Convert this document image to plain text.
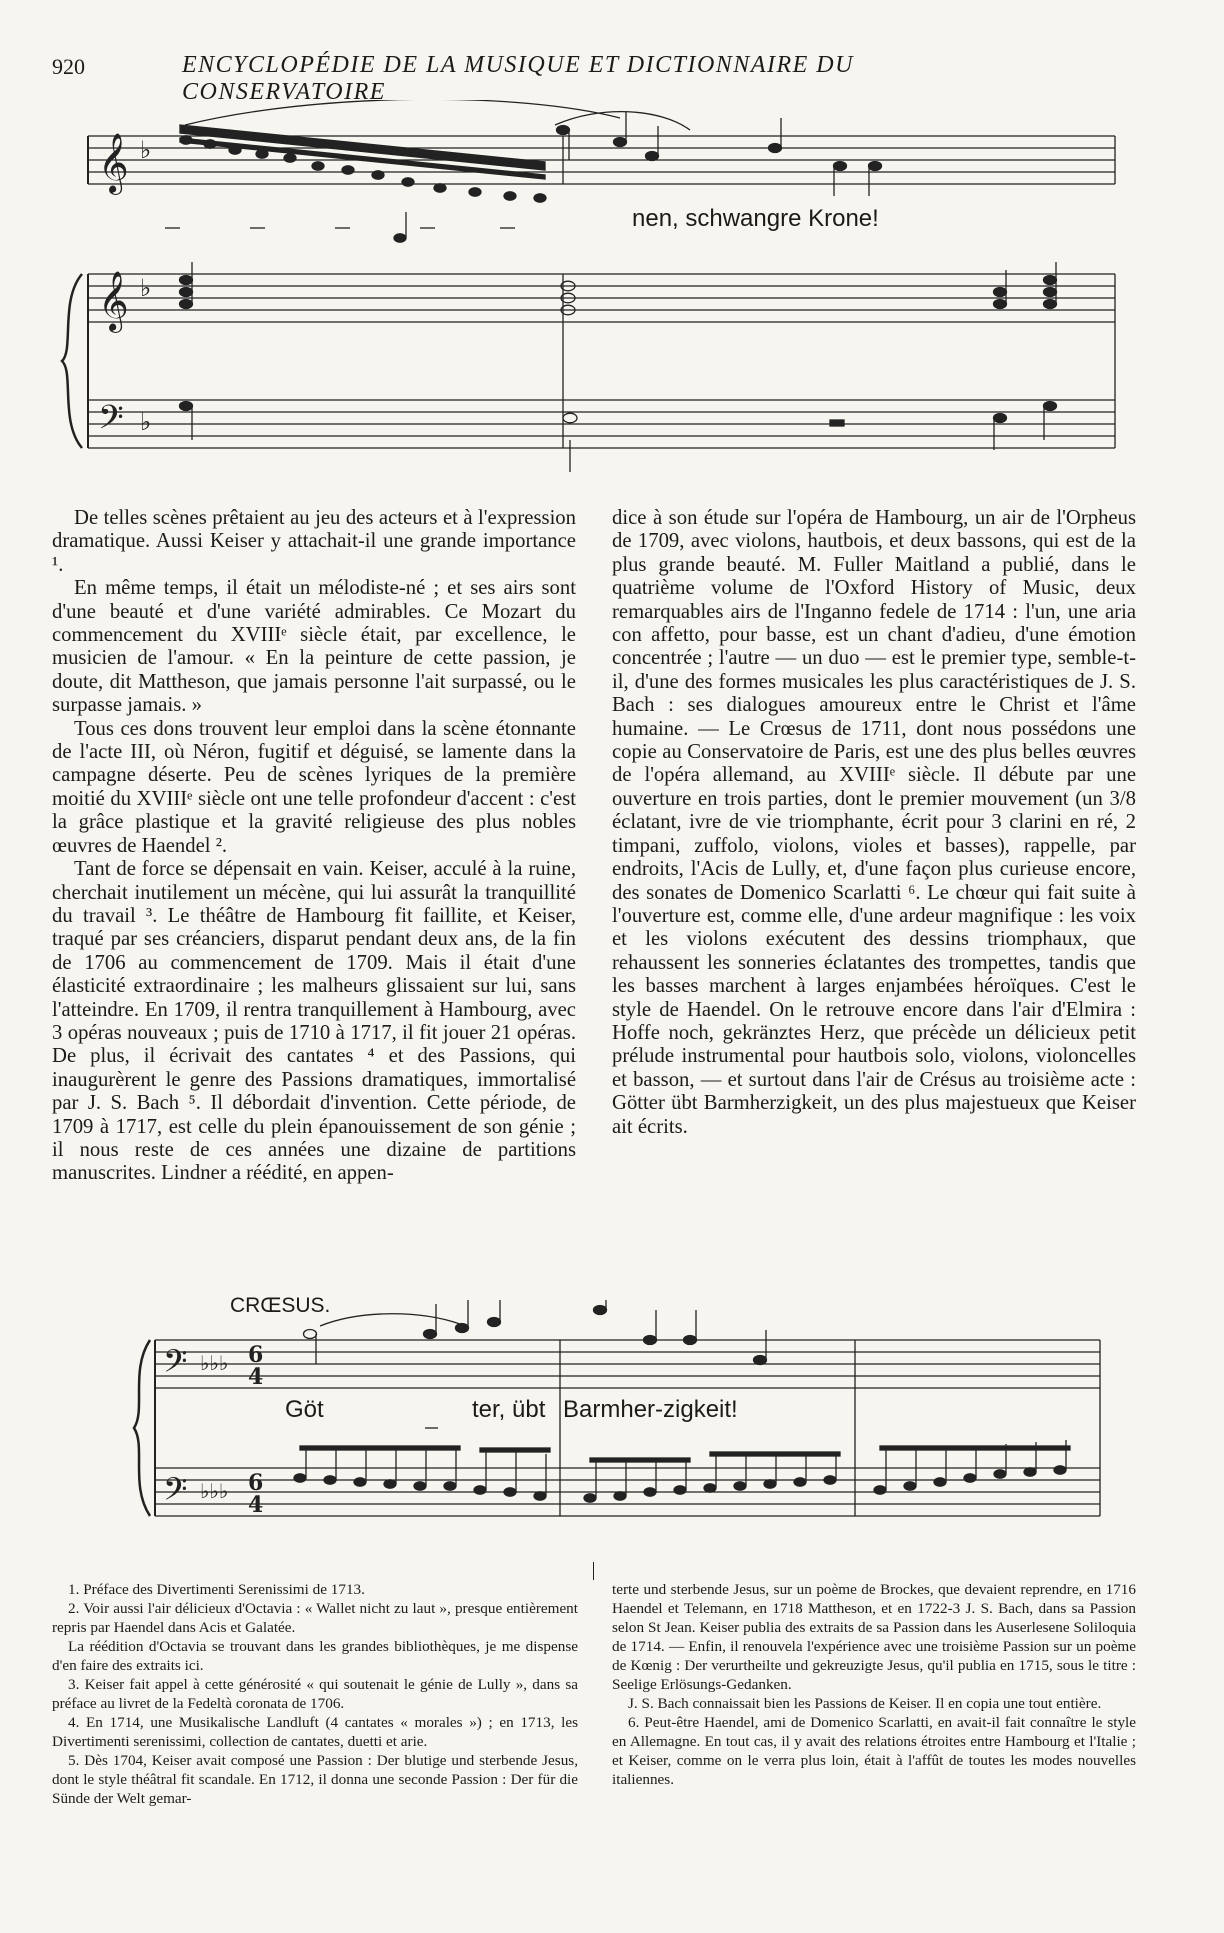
920	ENCYCLOPÉDIE DE LA MUSIQUE ET DICTIONNAIRE DU CONSERVATOIRE
𝄞
𝄞
𝄢
♭
♭
♭
nen, schwangre Krone!

De telles scènes prêtaient au jeu des acteurs et à l'expression dramatique. Aussi Keiser y attachait-il une grande importance ¹.

En même temps, il était un mélodiste-né ; et ses airs sont d'une beauté et d'une variété admirables. Ce Mozart du commencement du XVIIIᵉ siècle était, par excellence, le musicien de l'amour. « En la peinture de cette passion, je doute, dit Mattheson, que jamais personne l'ait surpassé, ou le surpasse jamais. »

Tous ces dons trouvent leur emploi dans la scène étonnante de l'acte III, où Néron, fugitif et déguisé, se lamente dans la campagne déserte. Peu de scènes lyriques de la première moitié du XVIIIᵉ siècle ont une telle profondeur d'accent : c'est la grâce plastique et la gravité religieuse des plus nobles œuvres de Haendel ².

Tant de force se dépensait en vain. Keiser, acculé à la ruine, cherchait inutilement un mécène, qui lui assurât la tranquillité du travail ³. Le théâtre de Hambourg fit faillite, et Keiser, traqué par ses créanciers, disparut pendant deux ans, de la fin de 1706 au commencement de 1709. Mais il était d'une élasticité extraordinaire ; les malheurs glissaient sur lui, sans l'atteindre. En 1709, il rentra tranquillement à Hambourg, avec 3 opéras nouveaux ; puis de 1710 à 1717, il fit jouer 21 opéras. De plus, il écrivait des cantates ⁴ et des Passions, qui inaugurèrent le genre des Passions dramatiques, immortalisé par J. S. Bach ⁵. Il débordait d'invention. Cette période, de 1709 à 1717, est celle du plein épanouissement de son génie ; il nous reste de ces années une dizaine de partitions manuscrites. Lindner a réédité, en appen-

dice à son étude sur l'opéra de Hambourg, un air de l'Orpheus de 1709, avec violons, hautbois, et deux bassons, qui est de la plus grande beauté. M. Fuller Maitland a publié, dans le quatrième volume de l'Oxford History of Music, deux remarquables airs de l'Inganno fedele de 1714 : l'un, une aria con affetto, pour basse, est un chant d'adieu, d'une émotion concentrée ; l'autre — un duo — est le premier type, semble-t-il, d'une des formes musicales les plus caractéristiques de J. S. Bach : ses dialogues amoureux entre le Christ et l'âme humaine. — Le Crœsus de 1711, dont nous possédons une copie au Conservatoire de Paris, est une des plus belles œuvres de l'opéra allemand, au XVIIIᵉ siècle. Il débute par une ouverture en trois parties, dont le premier mouvement (un 3/8 éclatant, ivre de vie triomphante, écrit pour 3 clarini en ré, 2 timpani, zuffolo, violons, violes et basses), rappelle, par endroits, l'Acis de Lully, et, d'une façon plus curieuse encore, des sonates de Domenico Scarlatti ⁶. Le chœur qui fait suite à l'ouverture est, comme elle, d'une ardeur magnifique : les voix et les violons exécutent des dessins triomphaux, que rehaussent les sonneries éclatantes des trompettes, tandis que les basses marchent à larges enjambées héroïques. C'est le style de Haendel. On le retrouve encore dans l'air d'Elmira : Hoffe noch, gekränztes Herz, que précède un délicieux petit prélude instrumental pour hautbois solo, violons, violoncelles et basson, — et surtout dans l'air de Crésus au troisième acte : Götter übt Barmherzigkeit, un des plus majestueux que Keiser ait écrits.

𝄢
𝄢
♭♭♭
♭♭♭
6
4
6
4
CRŒSUS.
Göt	ter, übt Barmher-zigkeit!

1. Préface des Divertimenti Serenissimi de 1713.

2. Voir aussi l'air délicieux d'Octavia : « Wallet nicht zu laut », presque entièrement repris par Haendel dans Acis et Galatée.

La réédition d'Octavia se trouvant dans les grandes bibliothèques, je me dispense d'en faire des extraits ici.

3. Keiser fait appel à cette générosité « qui soutenait le génie de Lully », dans sa préface au livret de la Fedeltà coronata de 1706.

4. En 1714, une Musikalische Landluft (4 cantates « morales ») ; en 1713, les Divertimenti serenissimi, collection de cantates, duetti et arie.

5. Dès 1704, Keiser avait composé une Passion : Der blutige und sterbende Jesus, dont le style théâtral fit scandale. En 1712, il donna une seconde Passion : Der für die Sünde der Welt gemar-

terte und sterbende Jesus, sur un poème de Brockes, que devaient reprendre, en 1716 Haendel et Telemann, en 1718 Mattheson, et en 1722-3 J. S. Bach, dans sa Passion selon St Jean. Keiser publia des extraits de sa Passion dans les Auserlesene Soliloquia de 1714. — Enfin, il renouvela l'expérience avec une troisième Passion sur un poème de Kœnig : Der verurtheilte und gekreuzigte Jesus, qu'il publia en 1715, sous le titre : Seelige Erlösungs-Gedanken.

J. S. Bach connaissait bien les Passions de Keiser. Il en copia une tout entière.

6. Peut-être Haendel, ami de Domenico Scarlatti, en avait-il fait connaître le style en Allemagne. En tout cas, il y avait des relations étroites entre Hambourg et l'Italie ; et Keiser, comme on le verra plus loin, était à l'affût de toutes les modes nouvelles italiennes.
